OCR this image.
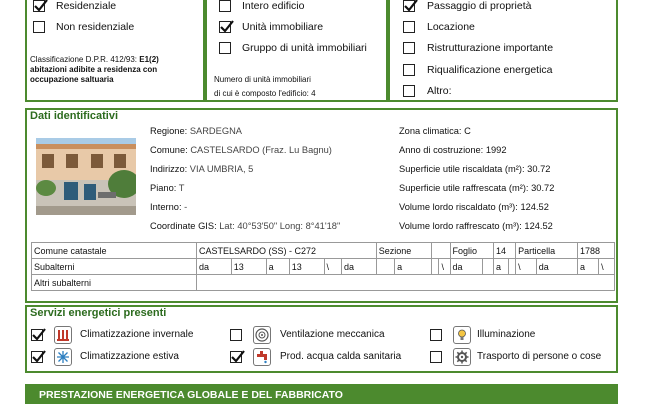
Residenziale
Non residenziale
Classificazione D.P.R. 412/93: E1(2)
abitazioni adibite a residenza con
occupazione saltuaria
Intero edificio
Unità immobiliare
Gruppo di unità immobiliari
Numero di unità immobiliari
di cui è composto l'edificio: 4
Passaggio di proprietà
Locazione
Ristrutturazione importante
Riqualificazione energetica
Altro:
Dati identificativi
Regione: SARDEGNA
Comune: CASTELSARDO (Fraz. Lu Bagnu)
Indirizzo: VIA UMBRIA, 5
Piano: T
Interno: -
Coordinate GIS: Lat: 40°53'50" Long: 8°41'18"
Zona climatica: C
Anno di costruzione: 1992
Superficie utile riscaldata (m²): 30.72
Superficie utile raffrescata (m²): 30.72
Volume lordo riscaldato (m³): 124.52
Volume lordo raffrescato (m³): 124.52
Comune catastale	CASTELSARDO (SS) - C272						Sezione				Foglio		14		Particella		1788	
Subalterni	da	13	a	13	\	da		a		\	da		a		\	da	a	\
Altri subalterni																		
Servizi energetici presenti
Climatizzazione invernale	Ventilazione meccanica	Illuminazione
Climatizzazione estiva	Prod. acqua calda sanitaria	Trasporto di persone o cose
PRESTAZIONE ENERGETICA GLOBALE E DEL FABBRICATO
